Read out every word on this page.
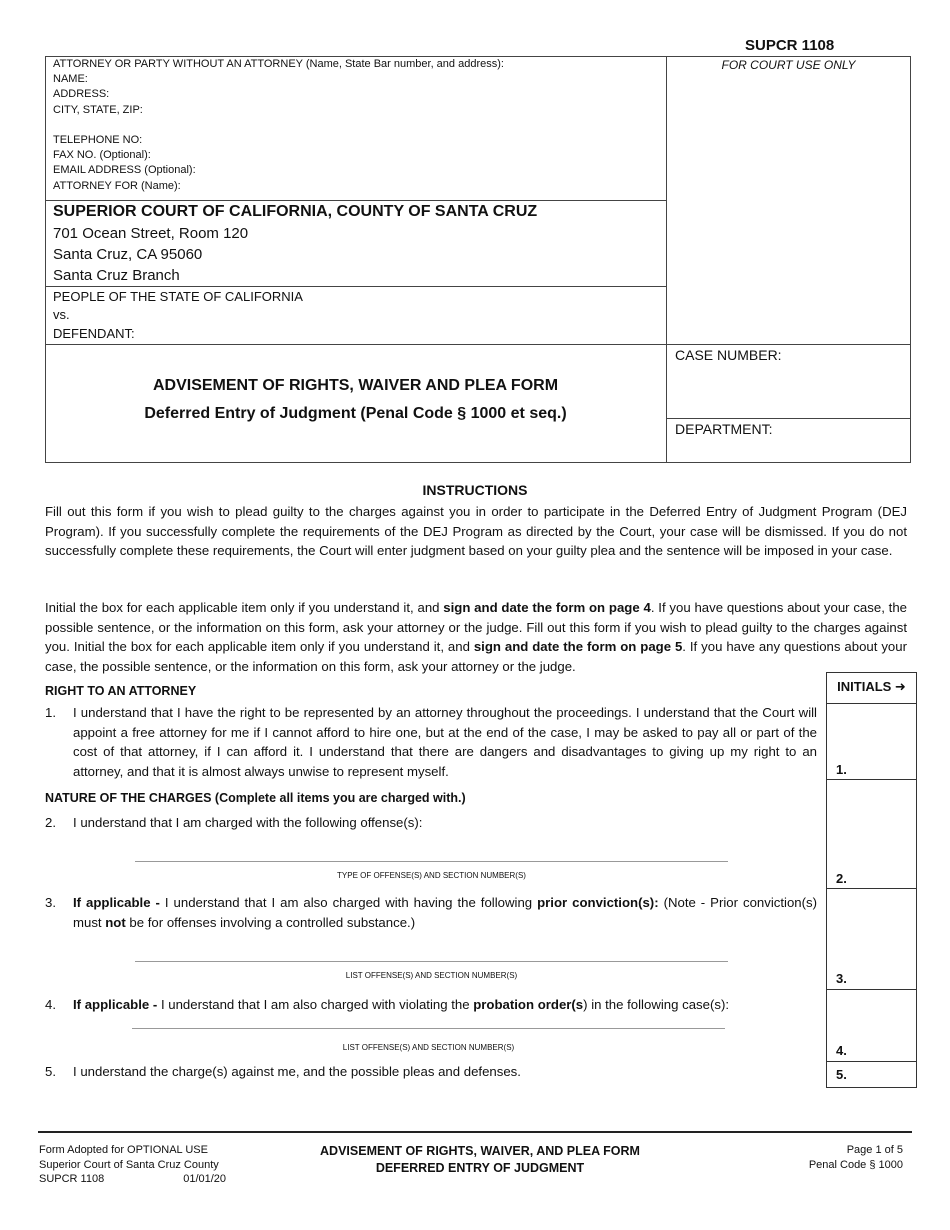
SUPCR 1108
ATTORNEY OR PARTY WITHOUT AN ATTORNEY (Name, State Bar number, and address):
NAME:
ADDRESS:
CITY, STATE, ZIP:
TELEPHONE NO:
FAX NO. (Optional):
EMAIL ADDRESS (Optional):
ATTORNEY FOR (Name):
FOR COURT USE ONLY
SUPERIOR COURT OF CALIFORNIA, COUNTY OF SANTA CRUZ
701 Ocean Street, Room 120
Santa Cruz, CA 95060
Santa Cruz Branch
PEOPLE OF THE STATE OF CALIFORNIA
vs.
DEFENDANT:
CASE NUMBER:
DEPARTMENT:
ADVISEMENT OF RIGHTS, WAIVER AND PLEA FORM
Deferred Entry of Judgment (Penal Code § 1000 et seq.)
INSTRUCTIONS
Fill out this form if you wish to plead guilty to the charges against you in order to participate in the Deferred Entry of Judgment Program (DEJ Program). If you successfully complete the requirements of the DEJ Program as directed by the Court, your case will be dismissed. If you do not successfully complete these requirements, the Court will enter judgment based on your guilty plea and the sentence will be imposed in your case.
Initial the box for each applicable item only if you understand it, and sign and date the form on page 4. If you have questions about your case, the possible sentence, or the information on this form, ask your attorney or the judge. Fill out this form if you wish to plead guilty to the charges against you. Initial the box for each applicable item only if you understand it, and sign and date the form on page 5. If you have any questions about your case, the possible sentence, or the information on this form, ask your attorney or the judge.
INITIALS ➜
1.
2.
3.
4.
5.
RIGHT TO AN ATTORNEY
1. I understand that I have the right to be represented by an attorney throughout the proceedings. I understand that the Court will appoint a free attorney for me if I cannot afford to hire one, but at the end of the case, I may be asked to pay all or part of the cost of that attorney, if I can afford it. I understand that there are dangers and disadvantages to giving up my right to an attorney, and that it is almost always unwise to represent myself.
NATURE OF THE CHARGES (Complete all items you are charged with.)
2. I understand that I am charged with the following offense(s):
TYPE OF OFFENSE(S) AND SECTION NUMBER(S)
3. If applicable - I understand that I am also charged with having the following prior conviction(s): (Note - Prior conviction(s) must not be for offenses involving a controlled substance.)
LIST OFFENSE(S) AND SECTION NUMBER(S)
4. If applicable - I understand that I am also charged with violating the probation order(s) in the following case(s):
LIST OFFENSE(S) AND SECTION NUMBER(S)
5. I understand the charge(s) against me, and the possible pleas and defenses.
Form Adopted for OPTIONAL USE
Superior Court of Santa Cruz County
SUPCR 1108	01/01/20
ADVISEMENT OF RIGHTS, WAIVER, AND PLEA FORM
DEFERRED ENTRY OF JUDGMENT
Page 1 of 5
Penal Code § 1000
